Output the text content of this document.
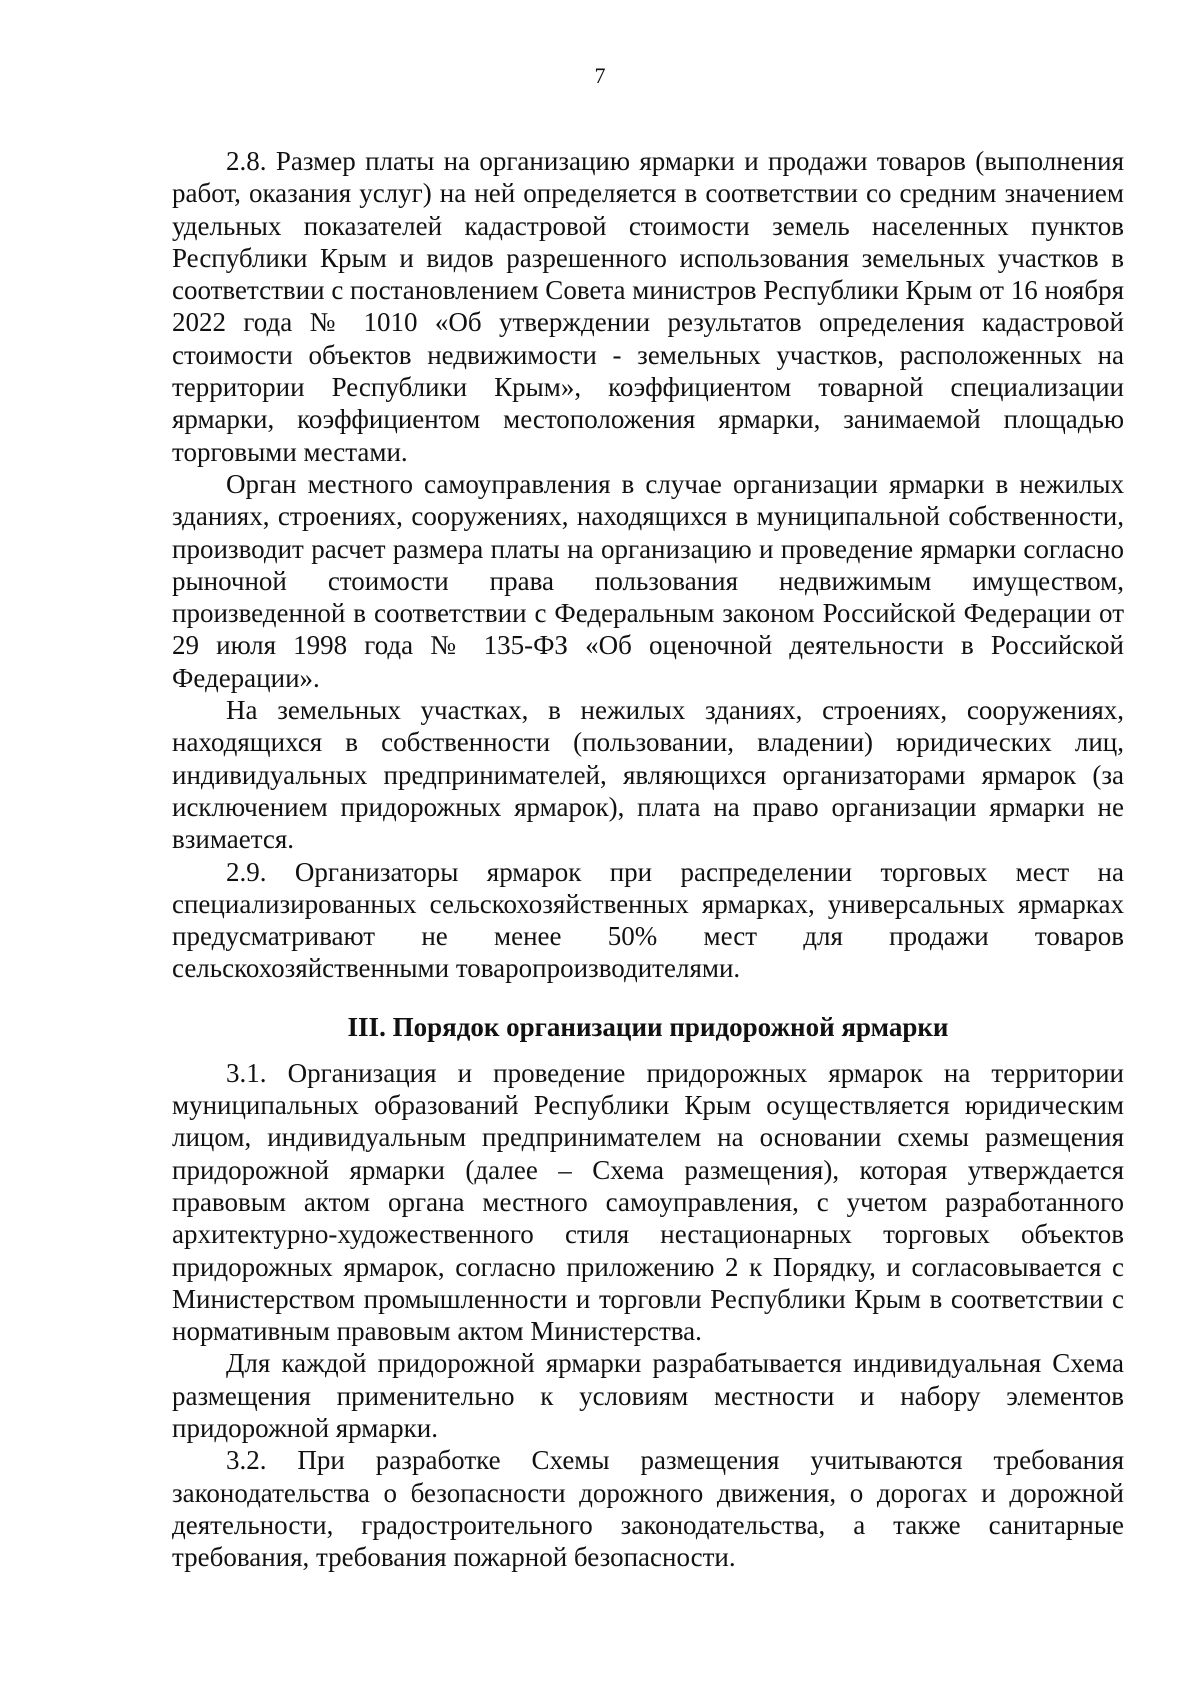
7

2.8. Размер платы на организацию ярмарки и продажи товаров (выполнения работ, оказания услуг) на ней определяется в соответствии со средним значением удельных показателей кадастровой стоимости земель населенных пунктов Республики Крым и видов разрешенного использования земельных участков в соответствии с постановлением Совета министров Республики Крым от 16 ноября 2022 года № 1010 «Об утверждении результатов определения кадастровой стоимости объектов недвижимости - земельных участков, расположенных на территории Республики Крым», коэффициентом товарной специализации ярмарки, коэффициентом местоположения ярмарки, занимаемой площадью торговыми местами.

Орган местного самоуправления в случае организации ярмарки в нежилых зданиях, строениях, сооружениях, находящихся в муниципальной собственности, производит расчет размера платы на организацию и проведение ярмарки согласно рыночной стоимости права пользования недвижимым имуществом, произведенной в соответствии с Федеральным законом Российской Федерации от 29 июля 1998 года № 135-ФЗ «Об оценочной деятельности в Российской Федерации».

На земельных участках, в нежилых зданиях, строениях, сооружениях, находящихся в собственности (пользовании, владении) юридических лиц, индивидуальных предпринимателей, являющихся организаторами ярмарок (за исключением придорожных ярмарок), плата на право организации ярмарки не взимается.

2.9. Организаторы ярмарок при распределении торговых мест на специализированных сельскохозяйственных ярмарках, универсальных ярмарках предусматривают не менее 50% мест для продажи товаров сельскохозяйственными товаропроизводителями.

III. Порядок организации придорожной ярмарки

3.1. Организация и проведение придорожных ярмарок на территории муниципальных образований Республики Крым осуществляется юридическим лицом, индивидуальным предпринимателем на основании схемы размещения придорожной ярмарки (далее – Схема размещения), которая утверждается правовым актом органа местного самоуправления, с учетом разработанного архитектурно-художественного стиля нестационарных торговых объектов придорожных ярмарок, согласно приложению 2 к Порядку, и согласовывается с Министерством промышленности и торговли Республики Крым в соответствии с нормативным правовым актом Министерства.

Для каждой придорожной ярмарки разрабатывается индивидуальная Схема размещения применительно к условиям местности и набору элементов придорожной ярмарки.

3.2. При разработке Схемы размещения учитываются требования законодательства о безопасности дорожного движения, о дорогах и дорожной деятельности, градостроительного законодательства, а также санитарные требования, требования пожарной безопасности.
